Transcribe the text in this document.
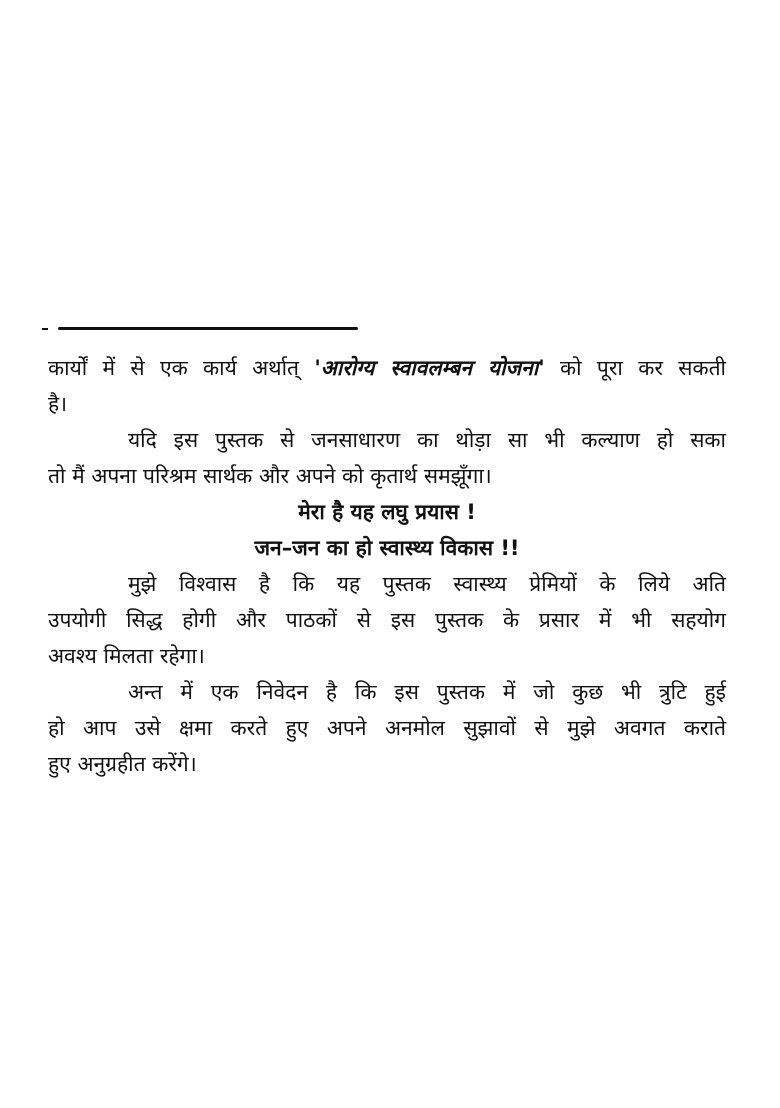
कार्यों में से एक कार्य अर्थात् 'आरोग्य स्वावलम्बन योजना' को पूरा कर सकती
है।
यदि इस पुस्तक से जनसाधारण का थोड़ा सा भी कल्याण हो सका
तो मैं अपना परिश्रम सार्थक और अपने को कृतार्थ समझूँगा।
मेरा है यह लघु प्रयास !
जन–जन का हो स्वास्थ्य विकास !!
मुझे विश्वास है कि यह पुस्तक स्वास्थ्य प्रेमियों के लिये अति
उपयोगी सिद्ध होगी और पाठकों से इस पुस्तक के प्रसार में भी सहयोग
अवश्य मिलता रहेगा।
अन्त में एक निवेदन है कि इस पुस्तक में जो कुछ भी त्रुटि हुई
हो आप उसे क्षमा करते हुए अपने अनमोल सुझावों से मुझे अवगत कराते
हुए अनुग्रहीत करेंगे।
